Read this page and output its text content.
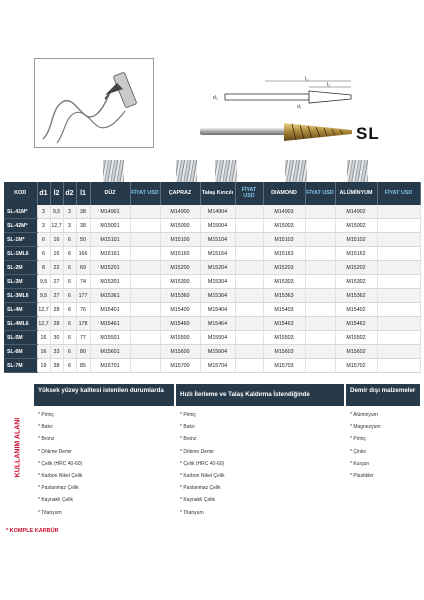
l₁
l₂
d₂
d₁
SL
KOD	d1	l2	d2	l1	DÜZ	FİYAT USD	ÇAPRAZ	Talaş Kırıcılı	FİYAT USD	DIAMOND	FİYAT USD	ALÜMİNYUM	FİYAT USD
SL-41M*	3	9,5	3	38	M14901		M14900	M14904		M14903		M14902	
SL-42M*	3	12,7	3	38	M15001		M15000	M15004		M15003		M15002	
SL-1M*	6	16	6	50	M15101		M15100	M15104		M15103		M15102	
SL-1ML6	6	16	6	166	M15161		M15160	M15164		M15163		M15162	
SL-2M	8	22	6	69	M15201		M15200	M15204		M15203		M15202	
SL-3M	9,5	27	6	74	M15301		M15300	M15304		M15303		M15302	
SL-3ML6	9,5	27	6	177	M15361		M15360	M15364		M15363		M15362	
SL-4M	12,7	28	6	76	M15401		M15400	M15404		M15403		M15402	
SL-4ML6	12,7	28	6	178	M15461		M15460	M15464		M15463		M15462	
SL-5M	16	30	6	77	M15501		M15500	M15504		M15503		M15502	
SL-6M	16	33	6	80	M15601		M15600	M15604		M15603		M15602	
SL-7M	19	38	6	85	M15701		M15700	M15704		M15703		M15702	
KULLANIM ALANI
Yüksek yüzey kalitesi istenilen durumlarda
* Pirinç
* Bakır
* Bronz
* Dökme Demir
* Çelik (HRC 40-60)
* Karbon Nikel Çelik
* Paslanmaz Çelik
* Kaynaklı Çelik
* Titanyum
Hızlı İlerleme ve Talaş Kaldırma İstendiğinde
* Pirinç
* Bakır
* Bronz
* Dökme Demir
* Çelik (HRC 40-60)
* Karbon Nikel Çelik
* Paslanmaz Çelik
* Kaynaklı Çelik
* Titanyum
Demir dışı malzemeler
* Alüminyum
* Magnezyum
* Pirinç
* Çinko
* Kurşun
* Plastikler
* KOMPLE KARBÜR
